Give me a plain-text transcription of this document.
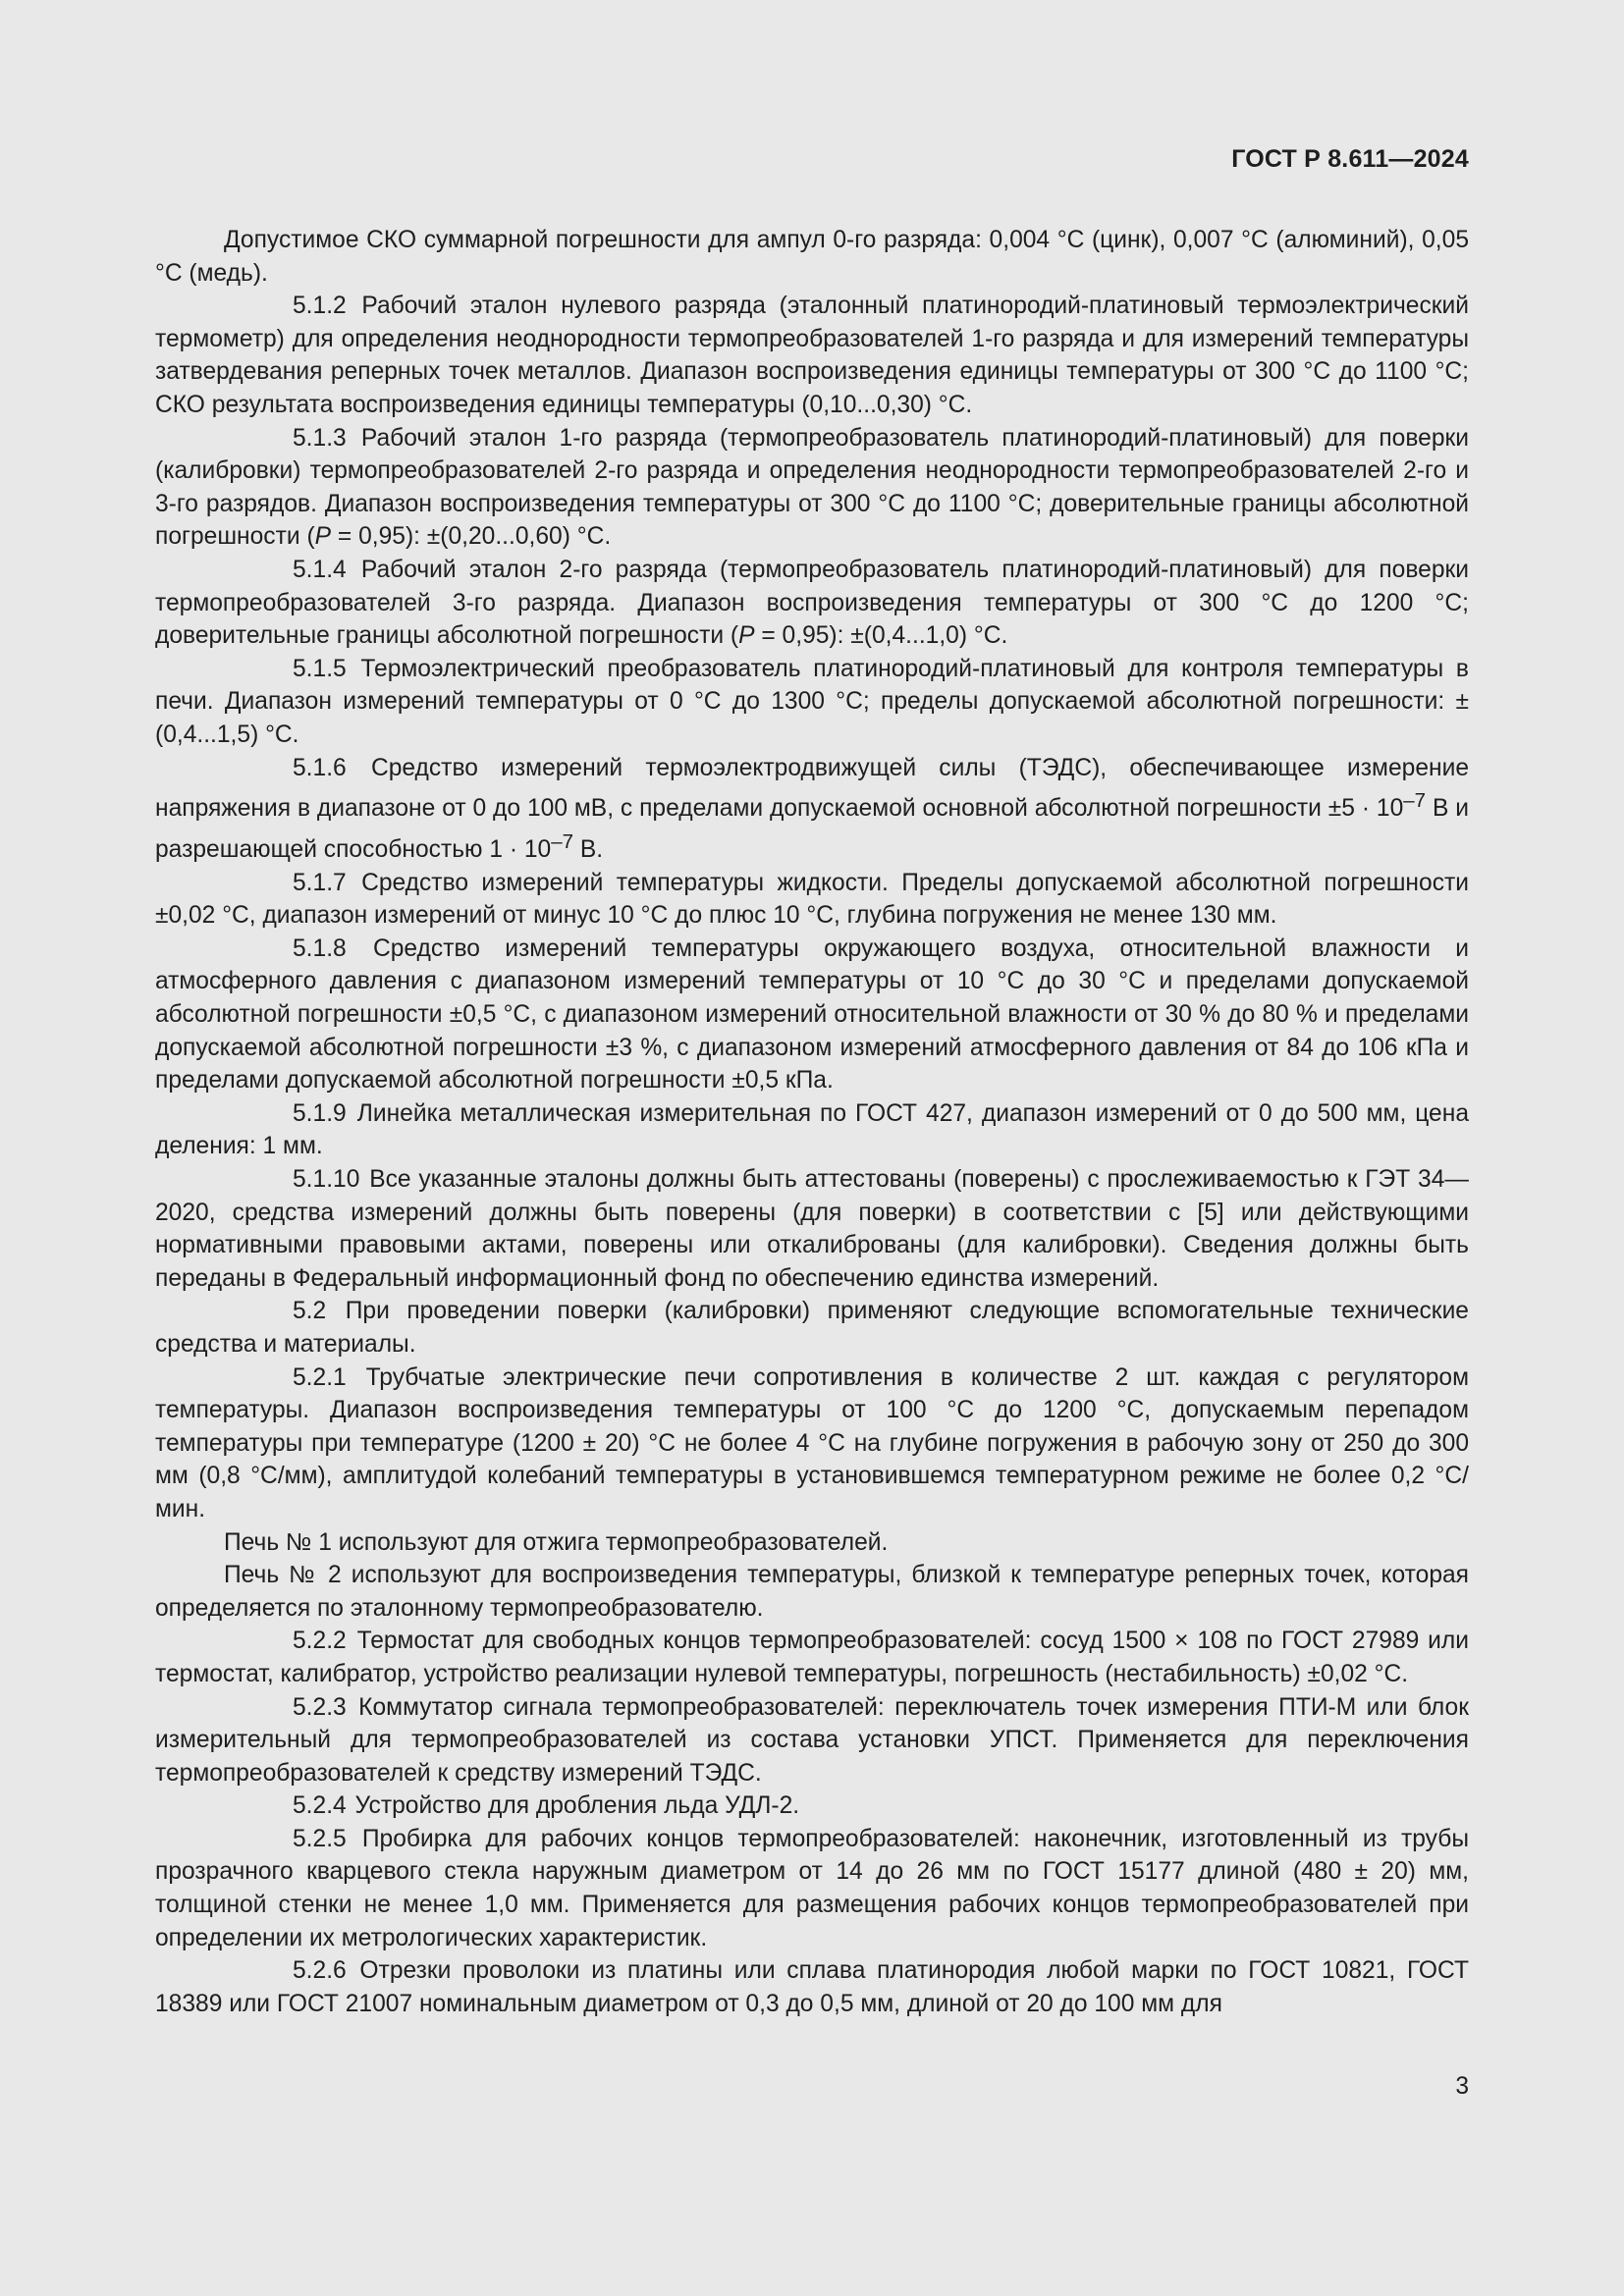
ГОСТ Р 8.611—2024

Допустимое СКО суммарной погрешности для ампул 0-го разряда: 0,004 °С (цинк), 0,007 °С (алюминий), 0,05 °С (медь).

5.1.2 Рабочий эталон нулевого разряда (эталонный платинородий-платиновый термоэлектрический термометр) для определения неоднородности термопреобразователей 1-го разряда и для измерений температуры затвердевания реперных точек металлов. Диапазон воспроизведения единицы температуры от 300 °С до 1100 °С; СКО результата воспроизведения единицы температуры (0,10...0,30) °С.

5.1.3 Рабочий эталон 1-го разряда (термопреобразователь платинородий-платиновый) для поверки (калибровки) термопреобразователей 2-го разряда и определения неоднородности термопреобразователей 2-го и 3-го разрядов. Диапазон воспроизведения температуры от 300 °С до 1100 °С; доверительные границы абсолютной погрешности (P = 0,95): ±(0,20...0,60) °С.

5.1.4 Рабочий эталон 2-го разряда (термопреобразователь платинородий-платиновый) для поверки термопреобразователей 3-го разряда. Диапазон воспроизведения температуры от 300 °С до 1200 °С; доверительные границы абсолютной погрешности (P = 0,95): ±(0,4...1,0) °С.

5.1.5 Термоэлектрический преобразователь платинородий-платиновый для контроля температуры в печи. Диапазон измерений температуры от 0 °С до 1300 °С; пределы допускаемой абсолютной погрешности: ±(0,4...1,5) °С.

5.1.6 Средство измерений термоэлектродвижущей силы (ТЭДС), обеспечивающее измерение напряжения в диапазоне от 0 до 100 мВ, с пределами допускаемой основной абсолютной погрешности $\pm 5 \cdot 10^{-7}$ В и разрешающей способностью $1 \cdot 10^{-7}$ В.

5.1.7 Средство измерений температуры жидкости. Пределы допускаемой абсолютной погрешности ±0,02 °С, диапазон измерений от минус 10 °С до плюс 10 °С, глубина погружения не менее 130 мм.

5.1.8 Средство измерений температуры окружающего воздуха, относительной влажности и атмосферного давления с диапазоном измерений температуры от 10 °С до 30 °С и пределами допускаемой абсолютной погрешности ±0,5 °С, с диапазоном измерений относительной влажности от 30 % до 80 % и пределами допускаемой абсолютной погрешности ±3 %, с диапазоном измерений атмосферного давления от 84 до 106 кПа и пределами допускаемой абсолютной погрешности ±0,5 кПа.

5.1.9 Линейка металлическая измерительная по ГОСТ 427, диапазон измерений от 0 до 500 мм, цена деления: 1 мм.

5.1.10 Все указанные эталоны должны быть аттестованы (поверены) с прослеживаемостью к ГЭТ 34—2020, средства измерений должны быть поверены (для поверки) в соответствии с [5] или действующими нормативными правовыми актами, поверены или откалиброваны (для калибровки). Сведения должны быть переданы в Федеральный информационный фонд по обеспечению единства измерений.

5.2 При проведении поверки (калибровки) применяют следующие вспомогательные технические средства и материалы.

5.2.1 Трубчатые электрические печи сопротивления в количестве 2 шт. каждая с регулятором температуры. Диапазон воспроизведения температуры от 100 °С до 1200 °С, допускаемым перепадом температуры при температуре (1200 ± 20) °С не более 4 °С на глубине погружения в рабочую зону от 250 до 300 мм (0,8 °С/мм), амплитудой колебаний температуры в установившемся температурном режиме не более 0,2 °С/мин.

Печь № 1 используют для отжига термопреобразователей.

Печь № 2 используют для воспроизведения температуры, близкой к температуре реперных точек, которая определяется по эталонному термопреобразователю.

5.2.2 Термостат для свободных концов термопреобразователей: сосуд 1500 × 108 по ГОСТ 27989 или термостат, калибратор, устройство реализации нулевой температуры, погрешность (нестабильность) ±0,02 °С.

5.2.3 Коммутатор сигнала термопреобразователей: переключатель точек измерения ПТИ-М или блок измерительный для термопреобразователей из состава установки УПСТ. Применяется для переключения термопреобразователей к средству измерений ТЭДС.

5.2.4 Устройство для дробления льда УДЛ-2.

5.2.5 Пробирка для рабочих концов термопреобразователей: наконечник, изготовленный из трубы прозрачного кварцевого стекла наружным диаметром от 14 до 26 мм по ГОСТ 15177 длиной (480 ± 20) мм, толщиной стенки не менее 1,0 мм. Применяется для размещения рабочих концов термопреобразователей при определении их метрологических характеристик.

5.2.6 Отрезки проволоки из платины или сплава платинородия любой марки по ГОСТ 10821, ГОСТ 18389 или ГОСТ 21007 номинальным диаметром от 0,3 до 0,5 мм, длиной от 20 до 100 мм для

3
